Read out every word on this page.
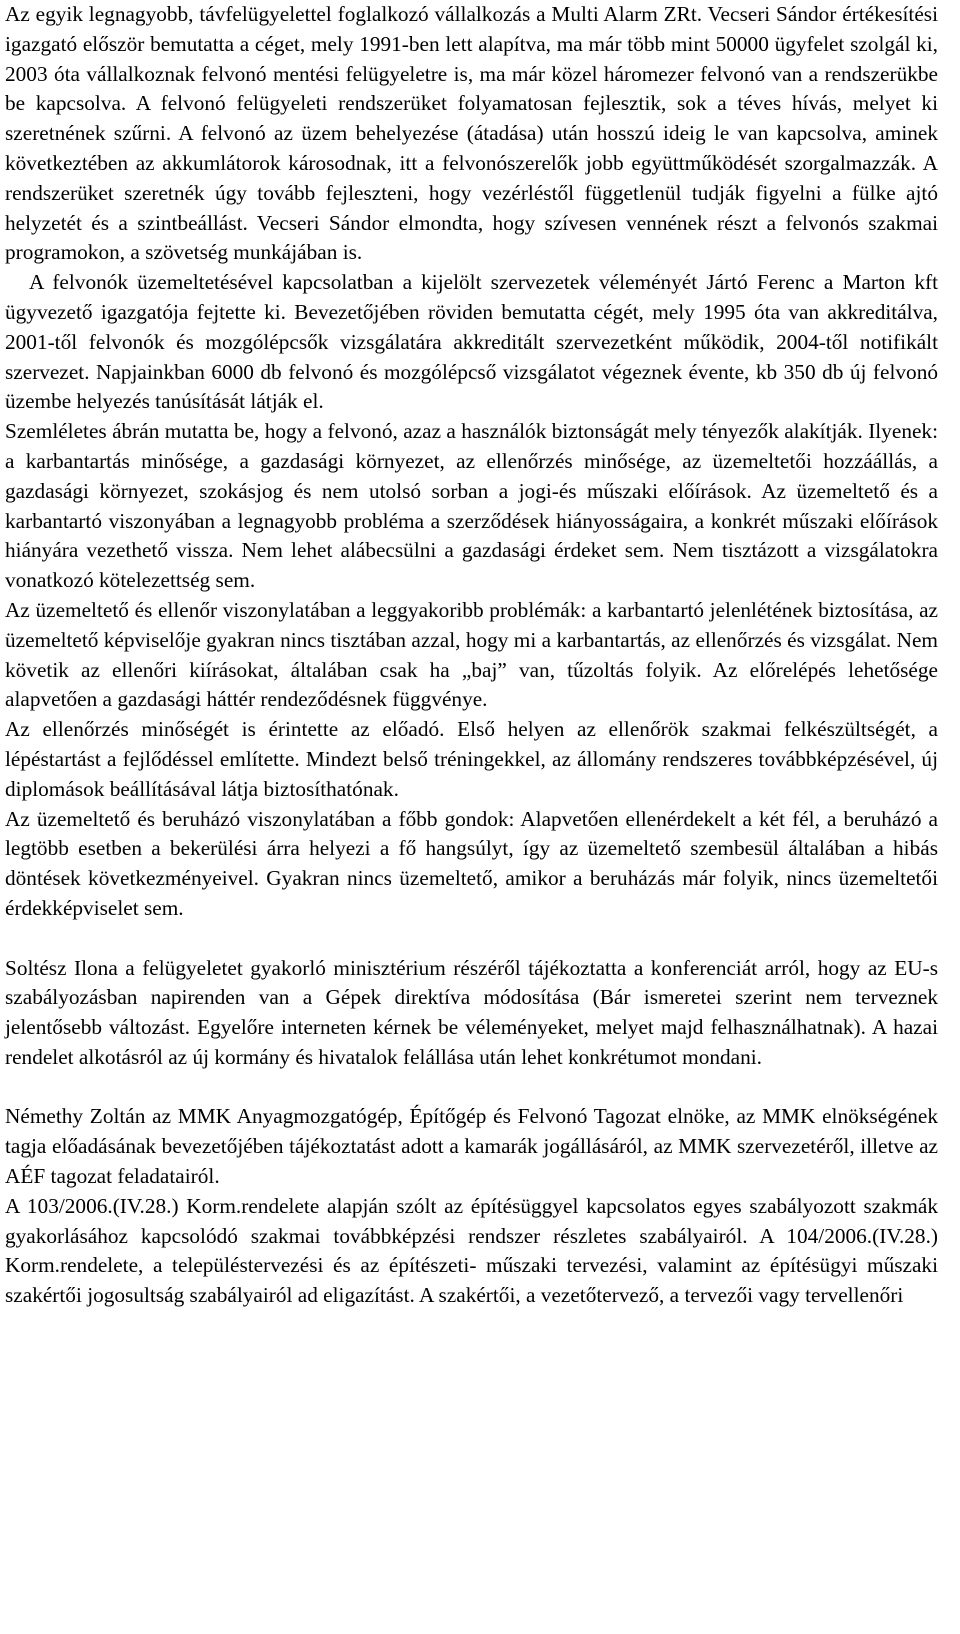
Az egyik legnagyobb, távfelügyelettel foglalkozó vállalkozás a Multi Alarm ZRt. Vecseri Sándor értékesítési igazgató először bemutatta a céget, mely 1991-ben lett alapítva, ma már több mint 50000 ügyfelet szolgál ki, 2003 óta vállalkoznak felvonó mentési felügyeletre is, ma már közel háromezer felvonó van a rendszerükbe be kapcsolva. A felvonó felügyeleti rendszerüket folyamatosan fejlesztik, sok a téves hívás, melyet ki szeretnének szűrni. A felvonó az üzem behelyezése (átadása) után hosszú ideig le van kapcsolva, aminek következtében az akkumlátorok károsodnak, itt a felvonószerelők jobb együttműködését szorgalmazzák. A rendszerüket szeretnék úgy tovább fejleszteni, hogy vezérléstől függetlenül tudják figyelni a fülke ajtó helyzetét és a szintbeállást. Vecseri Sándor elmondta, hogy szívesen vennének részt a felvonós szakmai programokon, a szövetség munkájában is.

A felvonók üzemeltetésével kapcsolatban a kijelölt szervezetek véleményét Jártó Ferenc a Marton kft ügyvezető igazgatója fejtette ki. Bevezetőjében röviden bemutatta cégét, mely 1995 óta van akkreditálva, 2001-től felvonók és mozgólépcsők vizsgálatára akkreditált szervezetként működik, 2004-től notifikált szervezet. Napjainkban 6000 db felvonó és mozgólépcső vizsgálatot végeznek évente, kb 350 db új felvonó üzembe helyezés tanúsítását látják el.

Szemléletes ábrán mutatta be, hogy a felvonó, azaz a használók biztonságát mely tényezők alakítják. Ilyenek: a karbantartás minősége, a gazdasági környezet, az ellenőrzés minősége, az üzemeltetői hozzáállás, a gazdasági környezet, szokásjog és nem utolsó sorban a jogi-és műszaki előírások. Az üzemeltető és a karbantartó viszonyában a legnagyobb probléma a szerződések hiányosságaira, a konkrét műszaki előírások hiányára vezethető vissza. Nem lehet alábecsülni a gazdasági érdeket sem. Nem tisztázott a vizsgálatokra vonatkozó kötelezettség sem.

Az üzemeltető és ellenőr viszonylatában a leggyakoribb problémák: a karbantartó jelenlétének biztosítása, az üzemeltető képviselője gyakran nincs tisztában azzal, hogy mi a karbantartás, az ellenőrzés és vizsgálat. Nem követik az ellenőri kiírásokat, általában csak ha „baj” van, tűzoltás folyik. Az előrelépés lehetősége alapvetően a gazdasági háttér rendeződésnek függvénye.

Az ellenőrzés minőségét is érintette az előadó. Első helyen az ellenőrök szakmai felkészültségét, a lépéstartást a fejlődéssel említette. Mindezt belső tréningekkel, az állomány rendszeres továbbképzésével, új diplomások beállításával látja biztosíthatónak.

Az üzemeltető és beruházó viszonylatában a főbb gondok: Alapvetően ellenérdekelt a két fél, a beruházó a legtöbb esetben a bekerülési árra helyezi a fő hangsúlyt, így az üzemeltető szembesül általában a hibás döntések következményeivel. Gyakran nincs üzemeltető, amikor a beruházás már folyik, nincs üzemeltetői érdekképviselet sem.

Soltész Ilona a felügyeletet gyakorló minisztérium részéről tájékoztatta a konferenciát arról, hogy az EU-s szabályozásban napirenden van a Gépek direktíva módosítása (Bár ismeretei szerint nem terveznek jelentősebb változást. Egyelőre interneten kérnek be véleményeket, melyet majd felhasználhatnak). A hazai rendelet alkotásról az új kormány és hivatalok felállása után lehet konkrétumot mondani.

Némethy Zoltán az MMK Anyagmozgatógép, Építőgép és Felvonó Tagozat elnöke, az MMK elnökségének tagja előadásának bevezetőjében tájékoztatást adott a kamarák jogállásáról, az MMK szervezetéről, illetve az AÉF tagozat feladatairól.

A 103/2006.(IV.28.) Korm.rendelete alapján szólt az építésüggyel kapcsolatos egyes szabályozott szakmák gyakorlásához kapcsolódó szakmai továbbképzési rendszer részletes szabályairól. A 104/2006.(IV.28.) Korm.rendelete, a településtervezési és az építészeti- műszaki tervezési, valamint az építésügyi műszaki szakértői jogosultság szabályairól ad eligazítást. A szakértői, a vezetőtervező, a tervezői vagy tervellenőri
